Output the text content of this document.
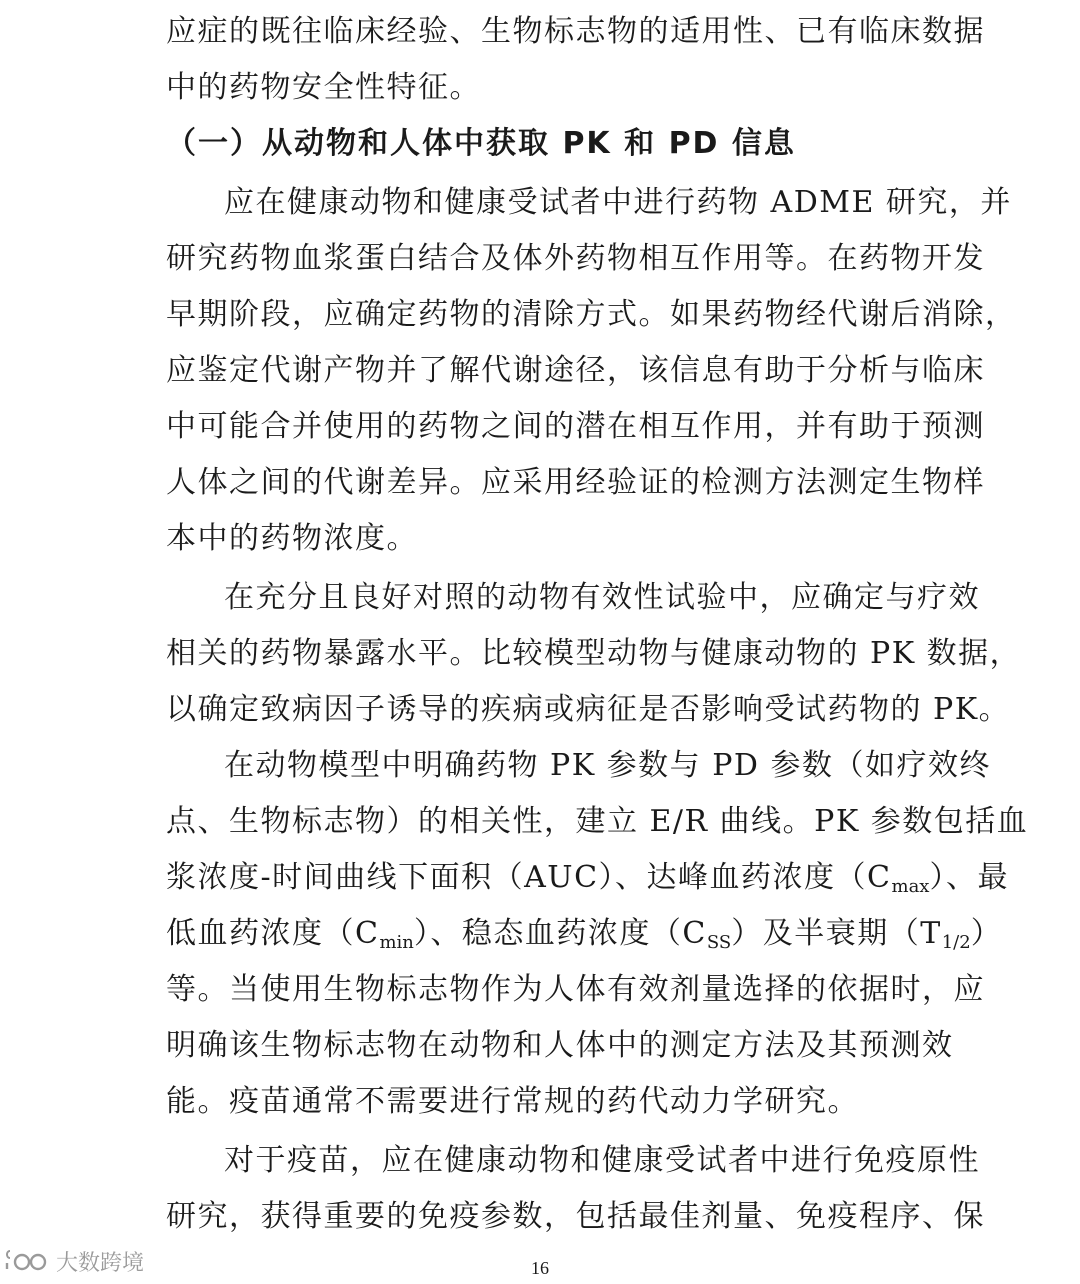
应症的既往临床经验、生物标志物的适用性、已有临床数据
中的药物安全性特征。
（一）从动物和人体中获取 PK 和 PD 信息
应在健康动物和健康受试者中进行药物 ADME 研究，并
研究药物血浆蛋白结合及体外药物相互作用等。在药物开发
早期阶段，应确定药物的清除方式。如果药物经代谢后消除，
应鉴定代谢产物并了解代谢途径，该信息有助于分析与临床
中可能合并使用的药物之间的潜在相互作用，并有助于预测
人体之间的代谢差异。应采用经验证的检测方法测定生物样
本中的药物浓度。
在充分且良好对照的动物有效性试验中，应确定与疗效
相关的药物暴露水平。比较模型动物与健康动物的 PK 数据，
以确定致病因子诱导的疾病或病征是否影响受试药物的 PK。
在动物模型中明确药物 PK 参数与 PD 参数（如疗效终
点、生物标志物）的相关性，建立 E/R 曲线。PK 参数包括血
浆浓度-时间曲线下面积（AUC）、达峰血药浓度$(C_{max})$、最
低血药浓度$(C_{min})$、稳态血药浓度$(C_{SS})$及半衰期$(T_{1/2})$
等。当使用生物标志物作为人体有效剂量选择的依据时，应
明确该生物标志物在动物和人体中的测定方法及其预测效
能。疫苗通常不需要进行常规的药代动力学研究。
对于疫苗，应在健康动物和健康受试者中进行免疫原性
研究，获得重要的免疫参数，包括最佳剂量、免疫程序、保
大数跨境	16
